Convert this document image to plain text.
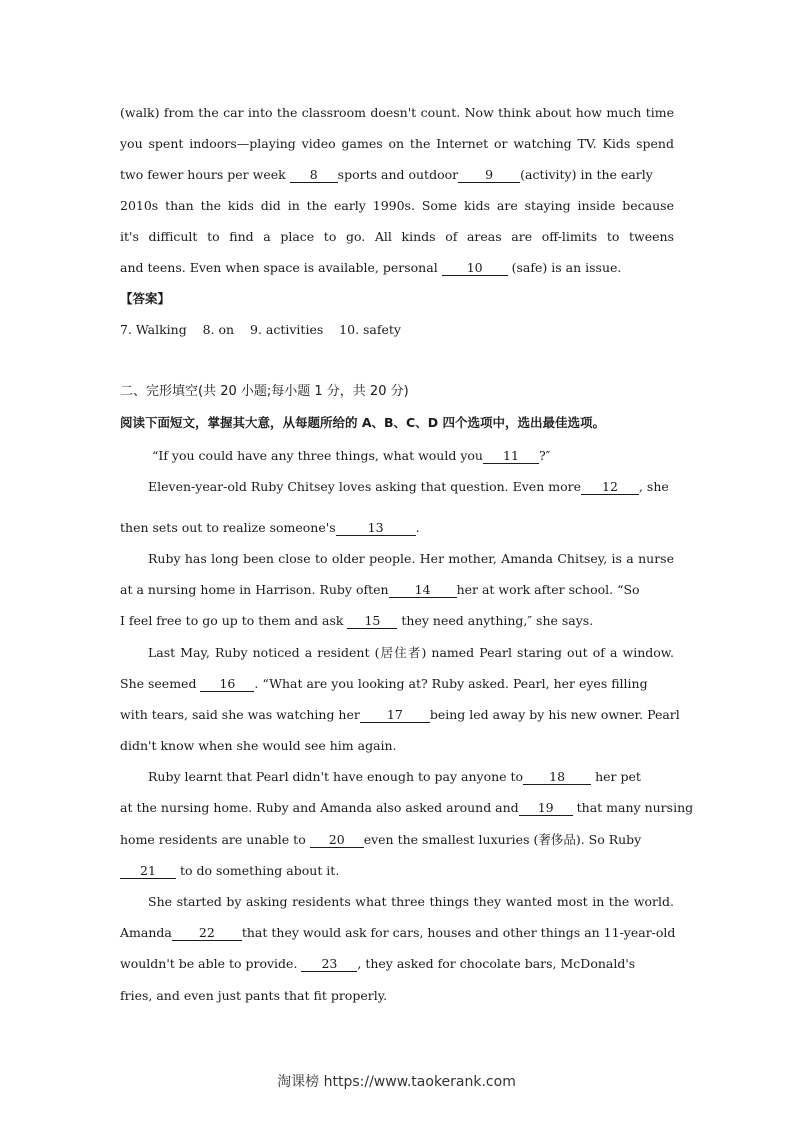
(walk) from the car into the classroom doesn't count. Now think about how much time
you spent indoors—playing video games on the Internet or watching TV. Kids spend
two fewer hours per week 8 sports and outdoor 9 (activity) in the early
2010s than the kids did in the early 1990s. Some kids are staying inside because
it's difficult to find a place to go. All kinds of areas are off-limits to tweens
and teens. Even when space is available, personal 10 (safe) is an issue.
【答案】
7. Walking    8. on    9. activities    10. safety
二、完形填空(共 20 小题;每小题 1 分，共 20 分)
阅读下面短文，掌握其大意，从每题所给的 A、B、C、D 四个选项中，选出最佳选项。
“If you could have any three things, what would you 11 ?″
Eleven-year-old Ruby Chitsey loves asking that question. Even more 12 , she
then sets out to realize someone's	13	.
Ruby has long been close to older people. Her mother, Amanda Chitsey, is a nurse
at a nursing home in Harrison. Ruby often 14 her at work after school. “So
I feel free to go up to them and ask 15 they need anything,″ she says.
Last May, Ruby noticed a resident (居住者) named Pearl staring out of a window.
She seemed 16 . “What are you looking at? Ruby asked. Pearl, her eyes filling
with tears, said she was watching her 17 being led away by his new owner. Pearl
didn't know when she would see him again.
Ruby learnt that Pearl didn't have enough to pay anyone to 18 her pet
at the nursing home. Ruby and Amanda also asked around and 19 that many nursing
home residents are unable to 20 even the smallest luxuries (奢侈品). So Ruby
21 to do something about it.
She started by asking residents what three things they wanted most in the world.
Amanda 22 that they would ask for cars, houses and other things an 11-year-old
wouldn't be able to provide. 23 , they asked for chocolate bars, McDonald's
fries, and even just pants that fit properly.
淘课榜 https://www.taokerank.com
